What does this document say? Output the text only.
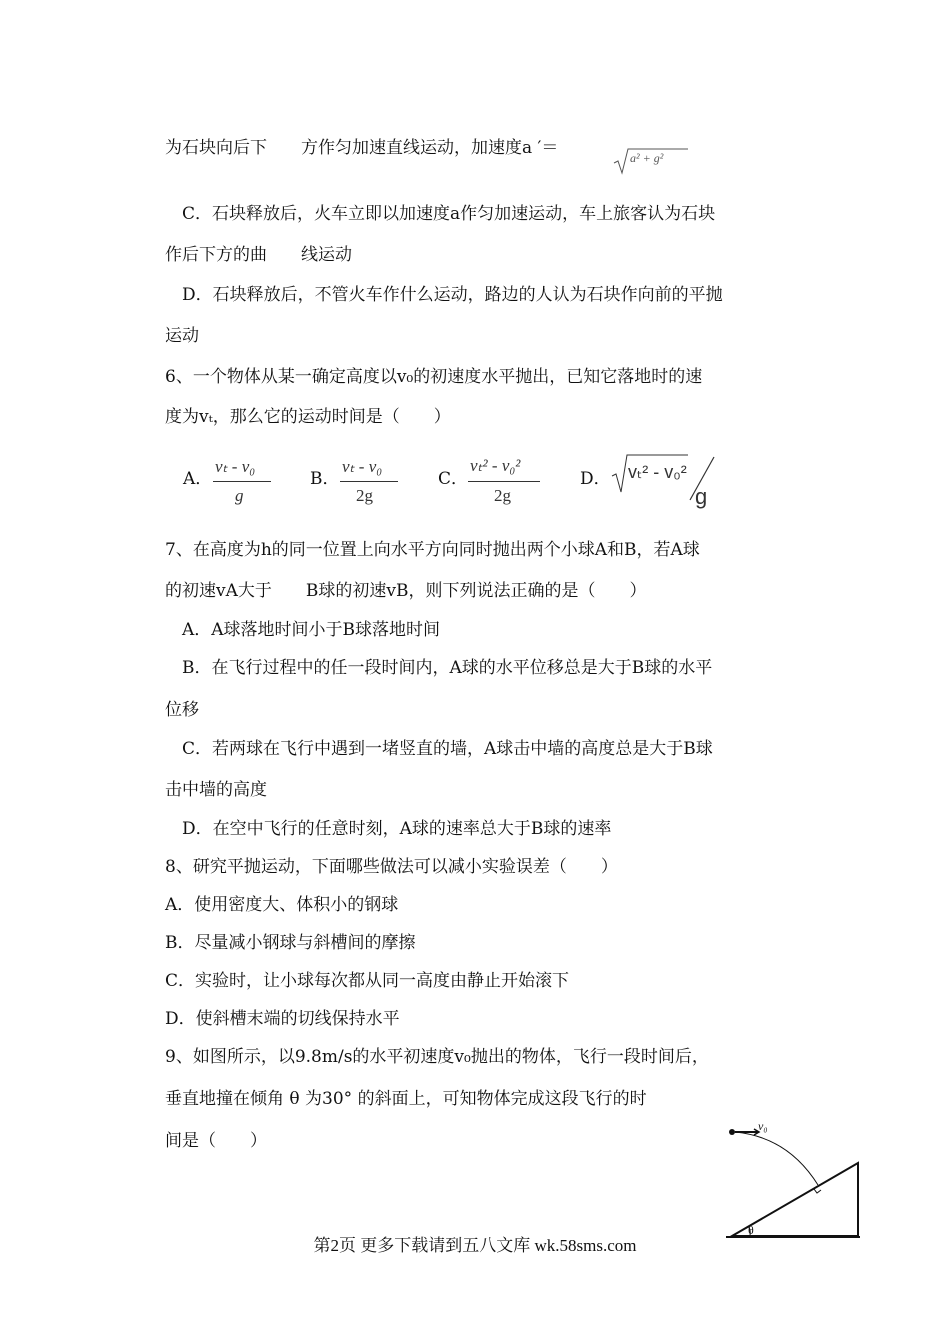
为石块向后下　　方作匀加速直线运动，加速度a ′＝	a² + g²
　C．石块释放后，火车立即以加速度a作匀加速运动，车上旅客认为石块
作后下方的曲　　线运动
　D．石块释放后，不管火车作什么运动，路边的人认为石块作向前的平抛
运动
6、一个物体从某一确定高度以v₀的初速度水平抛出，已知它落地时的速
度为vₜ，那么它的运动时间是（　　）
A．
vₜ - v₀
g
B．
vₜ - v₀
2g
C．
vₜ² - v₀²
2g
D． vₜ² - v₀²
g
7、在高度为h的同一位置上向水平方向同时抛出两个小球A和B，若A球
的初速vA大于　　B球的初速vB，则下列说法正确的是（　　）
　A．A球落地时间小于B球落地时间
　B．在飞行过程中的任一段时间内，A球的水平位移总是大于B球的水平
位移
　C．若两球在飞行中遇到一堵竖直的墙，A球击中墙的高度总是大于B球
击中墙的高度
　D．在空中飞行的任意时刻，A球的速率总大于B球的速率
8、研究平抛运动，下面哪些做法可以减小实验误差（　　）
A．使用密度大、体积小的钢球
B．尽量减小钢球与斜槽间的摩擦
C．实验时，让小球每次都从同一高度由静止开始滚下
D．使斜槽末端的切线保持水平
9、如图所示，以9.8m/s的水平初速度v₀抛出的物体，飞行一段时间后，
垂直地撞在倾角 θ 为30° 的斜面上，可知物体完成这段飞行的时
间是（　　）
v₀
θ
第2页 更多下载请到五八文库 wk.58sms.com
